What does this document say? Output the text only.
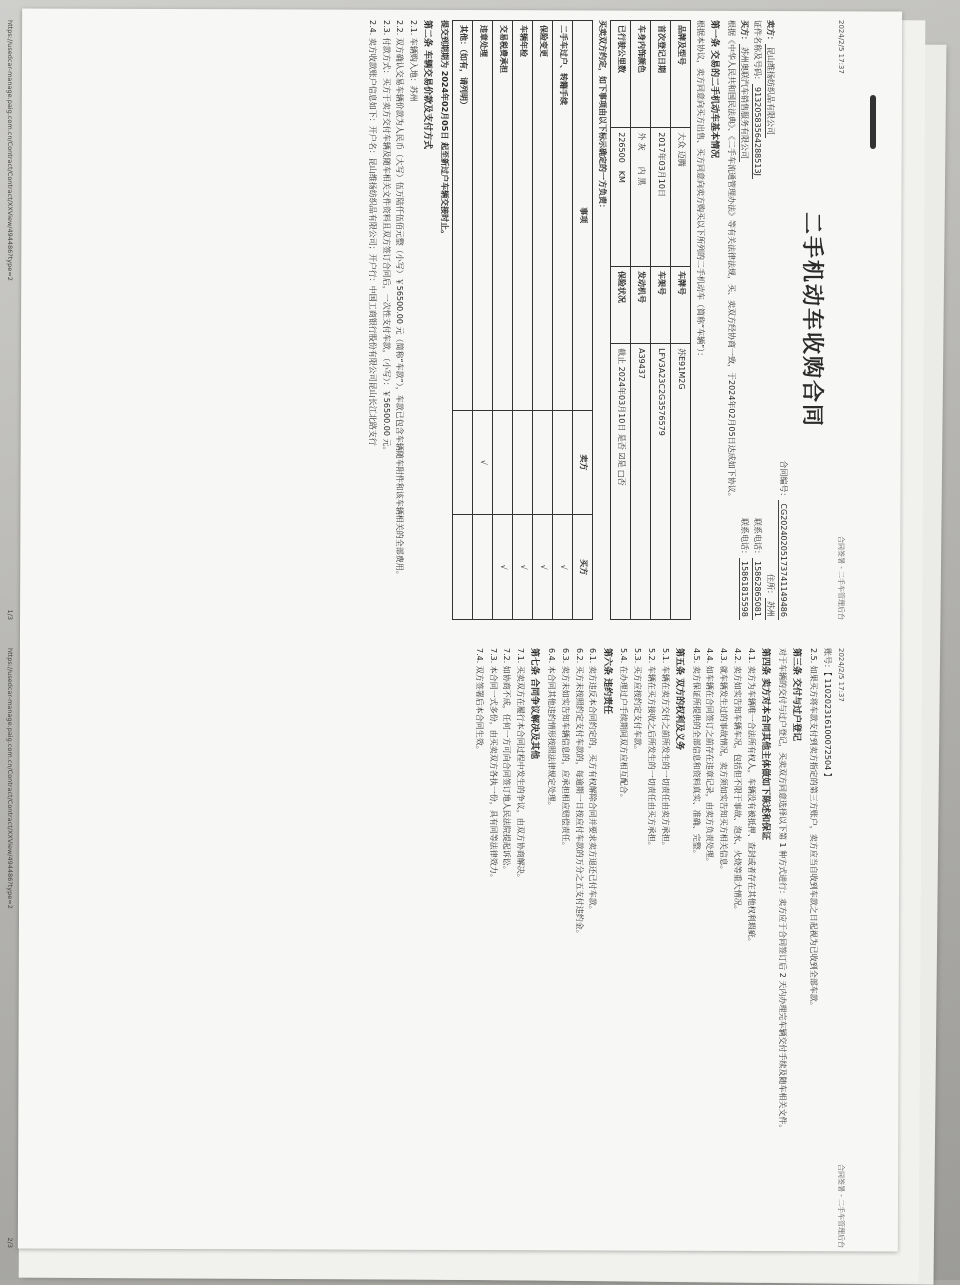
2024/2/5 17:37
合同签署 - 二手车管理后台
二手机动车收购合同
合同编号：CG20240205173741149486
卖方：昆山维扬纺织品有限公司
住所：苏州
证件名称及号码：91320583564288513J
联系电话：15862865081
买方：苏州奥联汽车销售服务有限公司
联系电话：15861815598

根据《中华人民共和国民法典》、《二手车流通管理办法》等有关法律法规，买、卖双方经协商一致，于2024年02月05日达成如下协议。

第一条 交易的二手机动车基本情况

根据本协议，卖方同意向买方出售、买方同意向卖方购买以下所列的二手机动车（简称“车辆”）：

品牌及型号	大众 迈腾	车牌号	苏E91M2G
首次登记日期	2017年03月10日	车架号	LFV3A23C2G3576579
车身内饰颜色	外 灰　　内 黑	发动机号	A39437
已行驶公里数	226500　KM	保险状况	截止 2024年03月10日 是否 ☑是 □否

买卖双方约定，如下事项由以下标示确定的一方负责：

事项	卖方	买方
二手车过户、转籍手续		√
保险变更		√
车辆年检		√
交易税费承担		√
违章处理	√	
其他：（如有，请列明）		

提交到期期为 2024年02月05日 起至新过户车辆交接时止。

第二条 车辆交易价款及支付方式

2.1. 车辆购入地：苏州

2.2. 双方确认交易车辆价款为人民币（大写）伍万陆仟伍佰元整（小写）￥56500.00 元（简称“车款”），车款已包含车辆随车附件和该车辆相关的全部费用。

2.3. 付款方式：买方于卖方交付车辆及随车相关文件资料且双方签订合同后，一次性支付车款，（小写）：￥56500.00 元。

2.4. 卖方收款账户信息如下：开户名：昆山维扬纺织品有限公司；开户行：中国工商银行股份有限公司昆山长江北路支行

https://usedcar-manage.paig.com.cn/Contract/Contract/XXView/494486?type=2
1/3
2024/2/5 17:37
合同签署 - 二手车管理后台

账号：【 110202316100072504 】

2.5. 如果买方将车款支付到卖方指定的第三方账户，卖方应当自收到车款之日起视为已收到全部车款。

第三条 交付与过户登记

对于车辆的交付与过户登记，买卖双方同意选择以下第 1 种方式进行：卖方应于合同签订后 2 天内办理完车辆交付手续及随车相关文件。

第四条 卖方对本合同其他主体做如下陈述和保证

4.1. 卖方为车辆唯一合法所有权人，车辆没有被抵押、查封或者存在其他权利瑕疵。

4.2. 卖方如实告知车辆车况，包括但不限于事故、泡水、火烧等重大情况。

4.3. 就车辆发生过的事故情况，卖方须如实告知买方相关信息。

4.4. 如车辆在合同签订之前存在违章记录，由卖方负责处理。

4.5. 卖方保证所提供的全部信息和资料真实、准确、完整。

第五条 双方的权利及义务

5.1. 车辆在卖方交付之前所发生的一切责任由卖方承担。

5.2. 车辆在买方接收之后所发生的一切责任由买方承担。

5.3. 买方应按约定支付车款。

5.4. 在办理过户手续期间双方应相互配合。

第六条 违约责任

6.1. 卖方违反本合同约定的，买方有权解除合同并要求卖方退还已付车款。

6.2. 买方未按照约定支付车款的，每逾期一日按应付车款的万分之五支付违约金。

6.3. 卖方未如实告知车辆信息的，应承担相应赔偿责任。

6.4. 本合同其他违约情形按照法律规定处理。

第七条 合同争议解决及其他

7.1. 买卖双方在履行本合同过程中发生的争议，由双方协商解决。

7.2. 如协商不成，任何一方可向合同签订地人民法院提起诉讼。

7.3. 本合同一式多份，由买卖双方各执一份，具有同等法律效力。

7.4. 双方签署后本合同生效。

https://usedcar-manage.paig.com.cn/Contract/Contract/XXView/494486?type=2
2/3
